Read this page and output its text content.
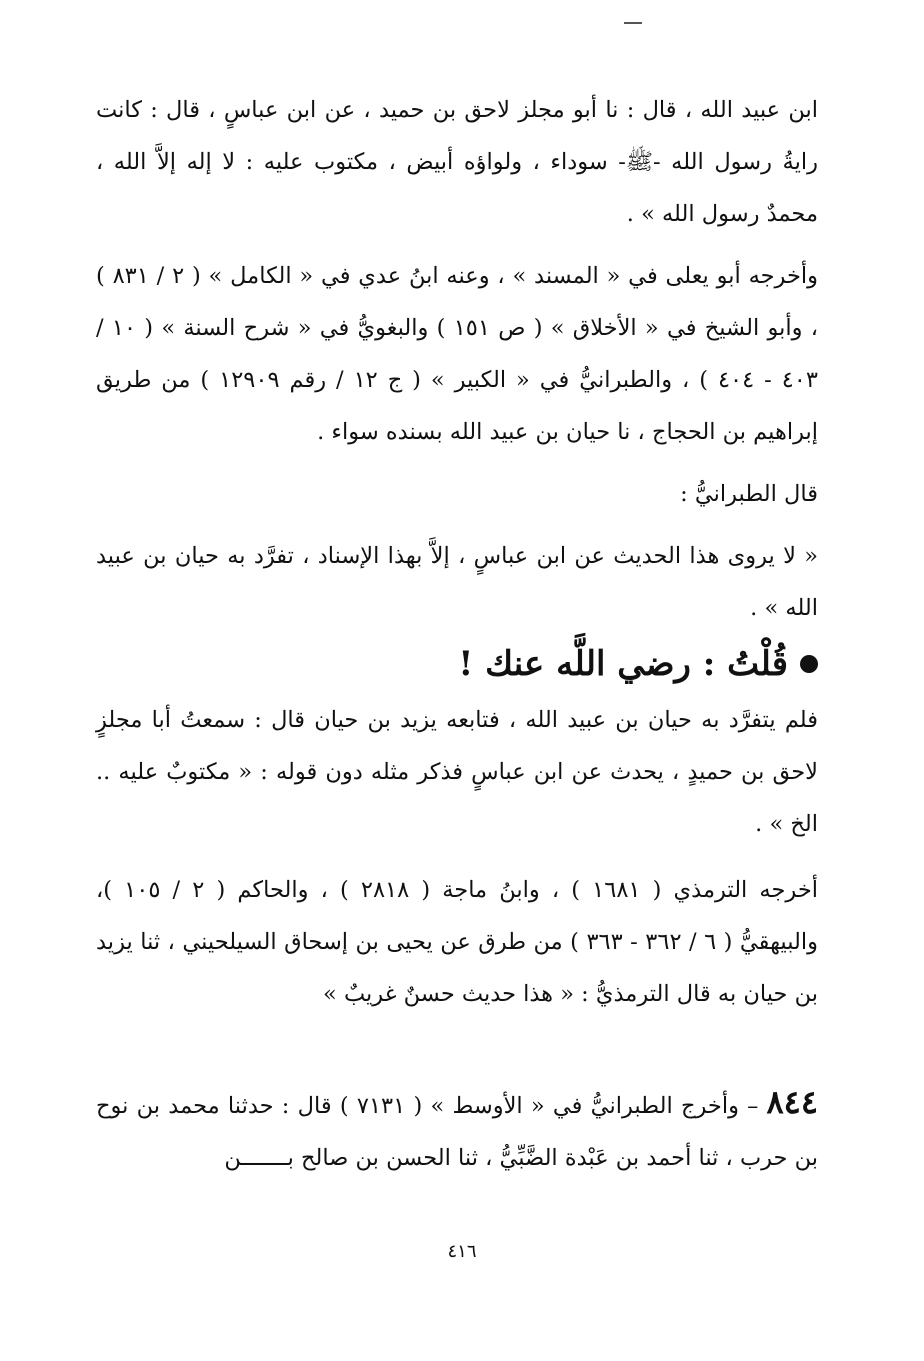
ابن عبيد الله ، قال : نا أبو مجلز لاحق بن حميد ، عن ابن عباسٍ ، قال : كانت رايةُ رسول الله -ﷺ- سوداء ، ولواؤه أبيض ، مكتوب عليه : لا إله إلاَّ الله ، محمدٌ رسول الله » .

وأخرجه أبو يعلى في « المسند » ، وعنه ابنُ عدي في « الكامل » ( ٢ / ٨٣١ ) ، وأبو الشيخ في « الأخلاق » ( ص ١٥١ ) والبغويُّ في « شرح السنة » ( ١٠ / ٤٠٣ - ٤٠٤ ) ، والطبرانيُّ في « الكبير » ( ج ١٢ / رقم ١٢٩٠٩ ) من طريق إبراهيم بن الحجاج ، نا حيان بن عبيد الله بسنده سواء .

قال الطبرانيُّ :

« لا يروى هذا الحديث عن ابن عباسٍ ، إلاَّ بهذا الإسناد ، تفرَّد به حيان بن عبيد الله » .

قُلْتُ : رضي اللَّه عنك !

فلم يتفرَّد به حيان بن عبيد الله ، فتابعه يزيد بن حيان قال : سمعتُ أبا مجلزٍ لاحق بن حميدٍ ، يحدث عن ابن عباسٍ فذكر مثله دون قوله : « مكتوبٌ عليه .. الخ » .

أخرجه الترمذي ( ١٦٨١ ) ، وابنُ ماجة ( ٢٨١٨ ) ، والحاكم ( ٢ / ١٠٥ )، والبيهقيُّ ( ٦ / ٣٦٢ - ٣٦٣ ) من طرق عن يحيى بن إسحاق السيلحيني ، ثنا يزيد بن حيان به قال الترمذيُّ : « هذا حديث حسنٌ غريبٌ »

٨٤٤– وأخرج الطبرانيُّ في « الأوسط » ( ٧١٣١ ) قال : حدثنا محمد بن نوح بن حرب ، ثنا أحمد بن عَبْدة الضَّبِّيُّ ، ثنا الحسن بن صالح بـــــــن

٤١٦
